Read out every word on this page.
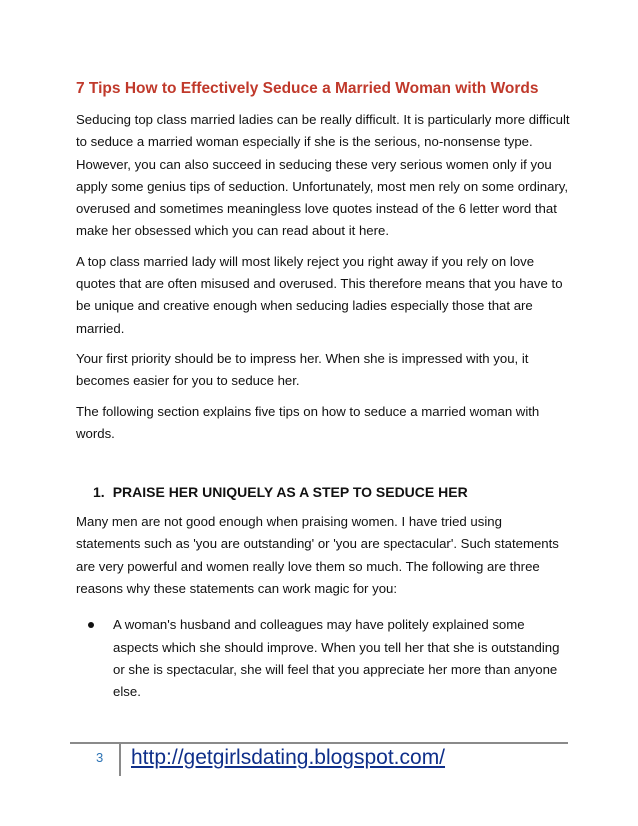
7 Tips How to Effectively Seduce a Married Woman with Words

Seducing top class married ladies can be really difficult. It is particularly more difficult to seduce a married woman especially if she is the serious, no-nonsense type. However, you can also succeed in seducing these very serious women only if you apply some genius tips of seduction. Unfortunately, most men rely on some ordinary, overused and sometimes meaningless love quotes instead of the 6 letter word that make her obsessed which you can read about it here.

A top class married lady will most likely reject you right away if you rely on love quotes that are often misused and overused. This therefore means that you have to be unique and creative enough when seducing ladies especially those that are married.

Your first priority should be to impress her. When she is impressed with you, it becomes easier for you to seduce her.

The following section explains five tips on how to seduce a married woman with words.

1. PRAISE HER UNIQUELY AS A STEP TO SEDUCE HER

Many men are not good enough when praising women. I have tried using statements such as 'you are outstanding' or 'you are spectacular'. Such statements are very powerful and women really love them so much. The following are three reasons why these statements can work magic for you:

A woman's husband and colleagues may have politely explained some aspects which she should improve. When you tell her that she is outstanding or she is spectacular, she will feel that you appreciate her more than anyone else.
3 http://getgirlsdating.blogspot.com/
